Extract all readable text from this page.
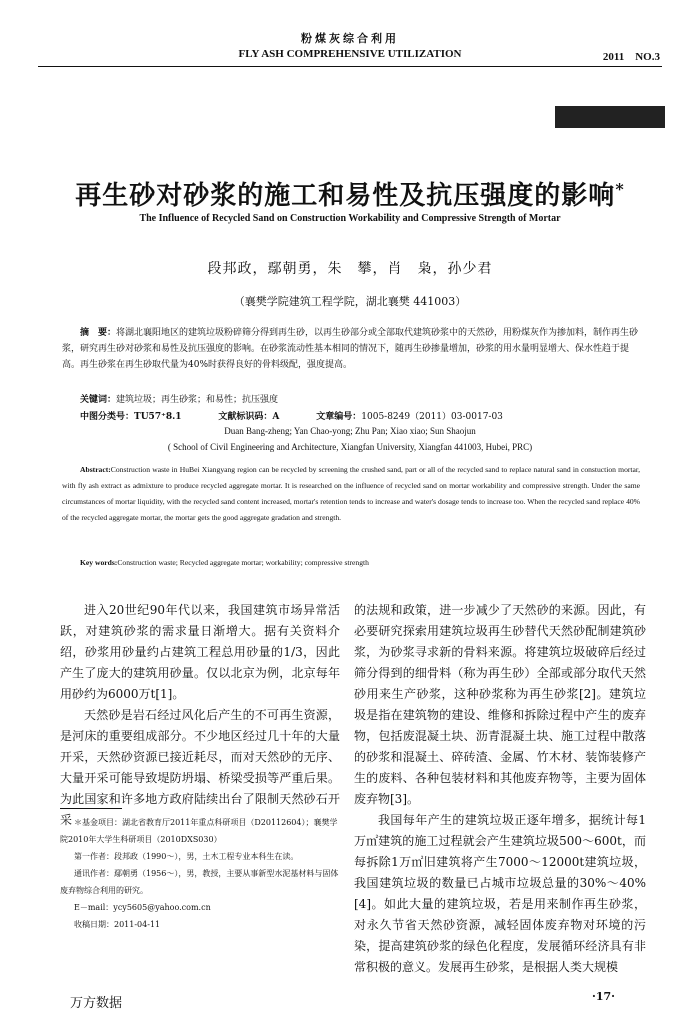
粉煤灰综合利用
FLY ASH COMPREHENSIVE UTILIZATION	2011　NO.3
再生砂对砂浆的施工和易性及抗压强度的影响*
The Influence of Recycled Sand on Construction Workability and Compressive Strength of Mortar
段邦政，鄢朝勇，朱　攀，肖　枭，孙少君
（襄樊学院建筑工程学院，湖北襄樊 441003）

摘　要：将湖北襄阳地区的建筑垃圾粉碎筛分得到再生砂，以再生砂部分或全部取代建筑砂浆中的天然砂，用粉煤灰作为掺加料，制作再生砂浆，研究再生砂对砂浆和易性及抗压强度的影响。在砂浆流动性基本相同的情况下，随再生砂掺量增加，砂浆的用水量明显增大、保水性趋于提高。再生砂浆在再生砂取代量为40%时获得良好的骨料级配，强度提高。

关键词：建筑垃圾；再生砂浆；和易性；抗压强度
中图分类号：TU57⁺8.1	文献标识码：A	文章编号：1005-8249（2011）03-0017-03
Duan Bang-zheng; Yan Chao-yong; Zhu Pan; Xiao xiao; Sun Shaojun
( School of Civil Engineering and Architecture, Xiangfan University, Xiangfan 441003, Hubei, PRC)

Abstract:Construction waste in HuBei Xiangyang region can be recycled by screening the crushed sand, part or all of the recycled sand to replace natural sand in constuction mortar, with fly ash extract as admixture to produce recycled aggregate mortar. It is researched on the influence of recycled sand on mortar workability and compressive strength. Under the same circumstances of mortar liquidity, with the recycled sand content increased, mortar's retention tends to increase and water's dosage tends to increase too. When the recycled sand replace 40% of the recycled aggregate mortar, the mortar gets the good aggregate gradation and strength.

Key words:Construction waste; Recycled aggregate mortar; workability; compressive strength

进入20世纪90年代以来，我国建筑市场异常活跃，对建筑砂浆的需求量日渐增大。据有关资料介绍，砂浆用砂量约占建筑工程总用砂量的1/3，因此产生了庞大的建筑用砂量。仅以北京为例，北京每年用砂约为6000万t[1]。

天然砂是岩石经过风化后产生的不可再生资源，是河床的重要组成部分。不少地区经过几十年的大量开采，天然砂资源已接近耗尽，而对天然砂的无序、大量开采可能导致堤防坍塌、桥梁受损等严重后果。为此国家和许多地方政府陆续出台了限制天然砂石开采

的法规和政策，进一步减少了天然砂的来源。因此，有必要研究探索用建筑垃圾再生砂替代天然砂配制建筑砂浆，为砂浆寻求新的骨料来源。将建筑垃圾破碎后经过筛分得到的细骨料（称为再生砂）全部或部分取代天然砂用来生产砂浆，这种砂浆称为再生砂浆[2]。建筑垃圾是指在建筑物的建设、维修和拆除过程中产生的废弃物，包括废混凝土块、沥青混凝土块、施工过程中散落的砂浆和混凝土、碎砖渣、金属、竹木材、装饰装修产生的废料、各种包装材料和其他废弃物等，主要为固体废弃物[3]。

我国每年产生的建筑垃圾正逐年增多，据统计每1万㎡建筑的施工过程就会产生建筑垃圾500～600t，而每拆除1万㎡旧建筑将产生7000～12000t建筑垃圾，我国建筑垃圾的数量已占城市垃圾总量的30%～40%[4]。如此大量的建筑垃圾，若是用来制作再生砂浆，对永久节省天然砂资源，减轻固体废弃物对环境的污染，提高建筑砂浆的绿色化程度，发展循环经济具有非常积极的意义。发展再生砂浆，是根据人类大规模

＊基金项目：湖北省教育厅2011年重点科研项目（D20112604）；襄樊学院2010年大学生科研项目（2010DXS030）
第一作者：段邦政（1990～），男，土木工程专业本科生在读。
通讯作者：鄢朝勇（1956～），男，教授，主要从事新型水泥基材料与固体废弃物综合利用的研究。
E－mail：ycy5605@yahoo.com.cn
收稿日期：2011-04-11
·17·
万方数据
